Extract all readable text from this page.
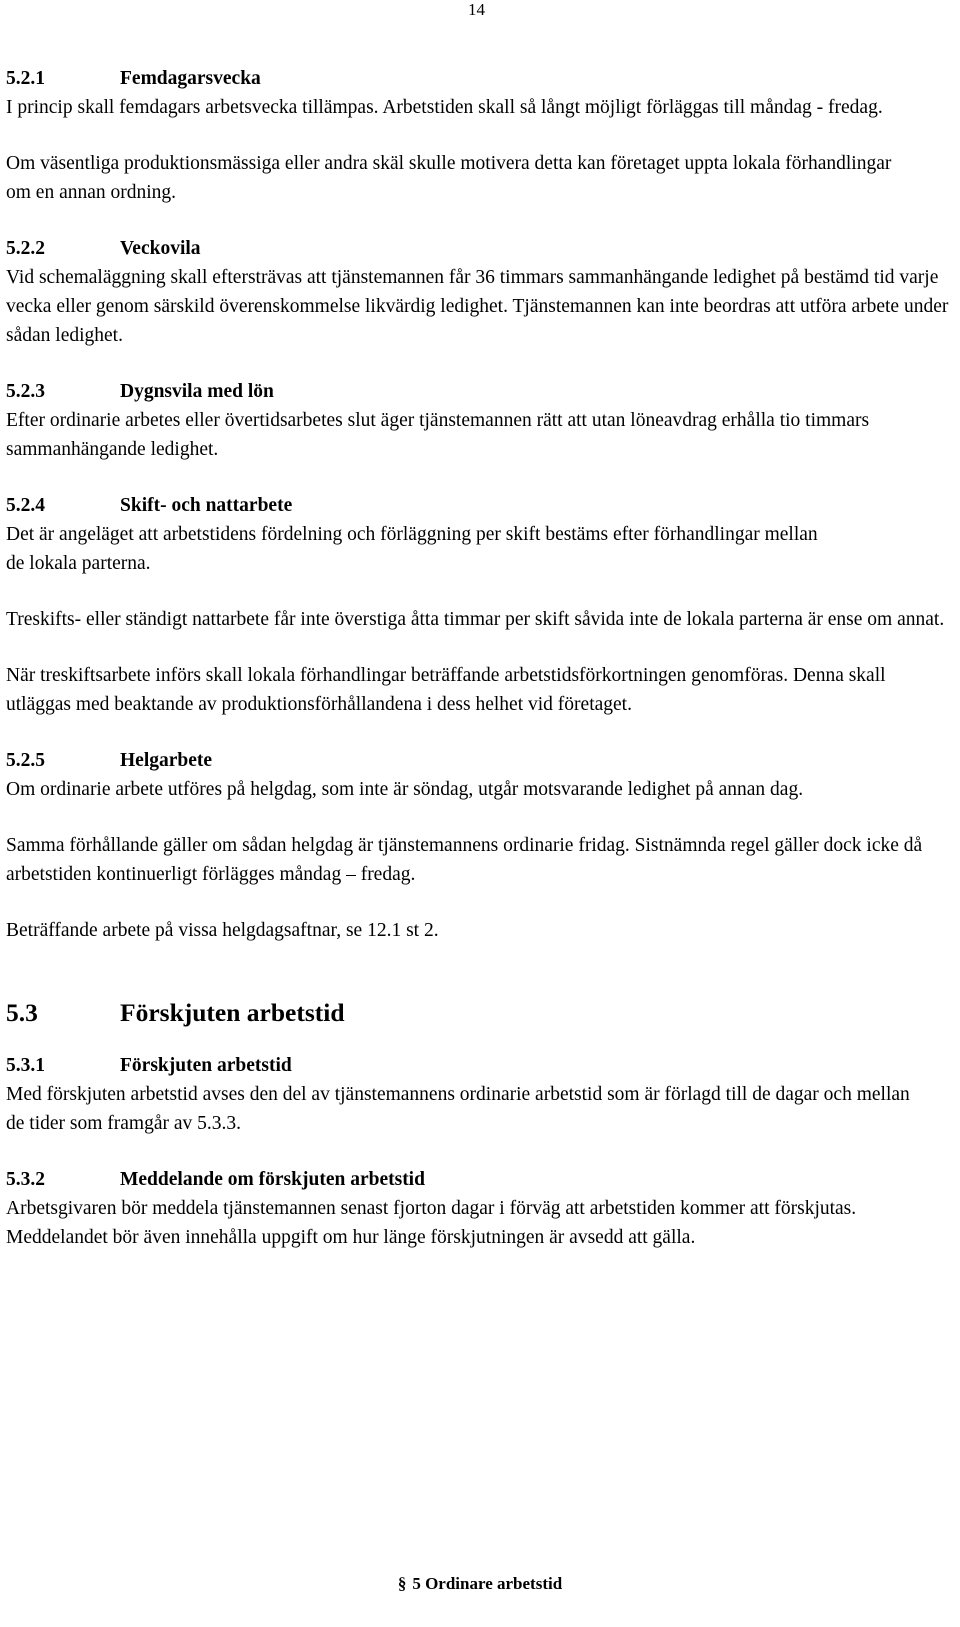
14
5.2.1	Femdagarsvecka

I princip skall femdagars arbetsvecka tillämpas. Arbetstiden skall så långt möjligt förläggas till måndag - fredag.

Om väsentliga produktionsmässiga eller andra skäl skulle motivera detta kan företaget uppta lokala förhandlingar om en annan ordning.

5.2.2	Veckovila

Vid schemaläggning skall eftersträvas att tjänstemannen får 36 timmars sammanhängande ledighet på bestämd tid varje vecka eller genom särskild överenskommelse likvärdig ledighet. Tjänstemannen kan inte beordras att utföra arbete under sådan ledighet.

5.2.3	Dygnsvila med lön

Efter ordinarie arbetes eller övertidsarbetes slut äger tjänstemannen rätt att utan löneavdrag erhålla tio timmars sammanhängande ledighet.

5.2.4	Skift- och nattarbete

Det är angeläget att arbetstidens fördelning och förläggning per skift bestäms efter förhandlingar mellan de lokala parterna.

Treskifts- eller ständigt nattarbete får inte överstiga åtta timmar per skift såvida inte de lokala parterna är ense om annat.

När treskiftsarbete införs skall lokala förhandlingar beträffande arbetstidsförkortningen genomföras. Denna skall utläggas med beaktande av produktionsförhållandena i dess helhet vid företaget.

5.2.5	Helgarbete

Om ordinarie arbete utföres på helgdag, som inte är söndag, utgår motsvarande ledighet på annan dag.

Samma förhållande gäller om sådan helgdag är tjänstemannens ordinarie fridag. Sistnämnda regel gäller dock icke då arbetstiden kontinuerligt förlägges måndag – fredag.

Beträffande arbete på vissa helgdagsaftnar, se 12.1 st 2.

5.3	Förskjuten arbetstid
5.3.1	Förskjuten arbetstid

Med förskjuten arbetstid avses den del av tjänstemannens ordinarie arbetstid som är förlagd till de dagar och mellan de tider som framgår av 5.3.3.

5.3.2	Meddelande om förskjuten arbetstid

Arbetsgivaren bör meddela tjänstemannen senast fjorton dagar i förväg att arbetstiden kommer att förskjutas. Meddelandet bör även innehålla uppgift om hur länge förskjutningen är avsedd att gälla.

§ 5 Ordinare arbetstid
